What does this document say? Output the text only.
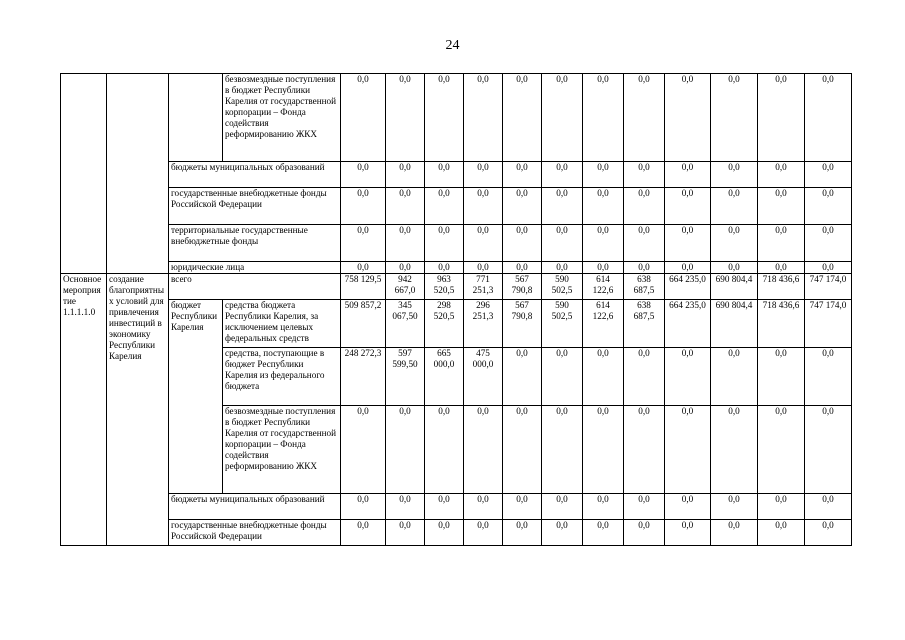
24
			безвозмездные поступления в бюджет Республики Карелия от государственной корпорации – Фонда содействия реформированию ЖКХ	0,0	0,0	0,0	0,0	0,0	0,0	0,0	0,0	0,0	0,0	0,0	0,0
		бюджеты муниципальных образований		0,0	0,0	0,0	0,0	0,0	0,0	0,0	0,0	0,0	0,0	0,0	0,0
		государственные внебюджетные фонды Российской Федерации		0,0	0,0	0,0	0,0	0,0	0,0	0,0	0,0	0,0	0,0	0,0	0,0
		территориальные государственные внебюджетные фонды		0,0	0,0	0,0	0,0	0,0	0,0	0,0	0,0	0,0	0,0	0,0	0,0
		юридические лица		0,0	0,0	0,0	0,0	0,0	0,0	0,0	0,0	0,0	0,0	0,0	0,0
Основное мероприятие 1.1.1.1.0	создание благоприятных условий для привлечения инвестиций в экономику Республики Карелия	всего		758 129,5	942 667,0	963 520,5	771 251,3	567 790,8	590 502,5	614 122,6	638 687,5	664 235,0	690 804,4	718 436,6	747 174,0
		бюджет Республики Карелия	средства бюджета Республики Карелия, за исключением целевых федеральных средств	509 857,2	345 067,50	298 520,5	296 251,3	567 790,8	590 502,5	614 122,6	638 687,5	664 235,0	690 804,4	718 436,6	747 174,0
			средства, поступающие в бюджет Республики Карелия из федерального бюджета	248 272,3	597 599,50	665 000,0	475 000,0	0,0	0,0	0,0	0,0	0,0	0,0	0,0	0,0
			безвозмездные поступления в бюджет Республики Карелия от государственной корпорации – Фонда содействия реформированию ЖКХ	0,0	0,0	0,0	0,0	0,0	0,0	0,0	0,0	0,0	0,0	0,0	0,0
		бюджеты муниципальных образований		0,0	0,0	0,0	0,0	0,0	0,0	0,0	0,0	0,0	0,0	0,0	0,0
		государственные внебюджетные фонды Российской Федерации		0,0	0,0	0,0	0,0	0,0	0,0	0,0	0,0	0,0	0,0	0,0	0,0
